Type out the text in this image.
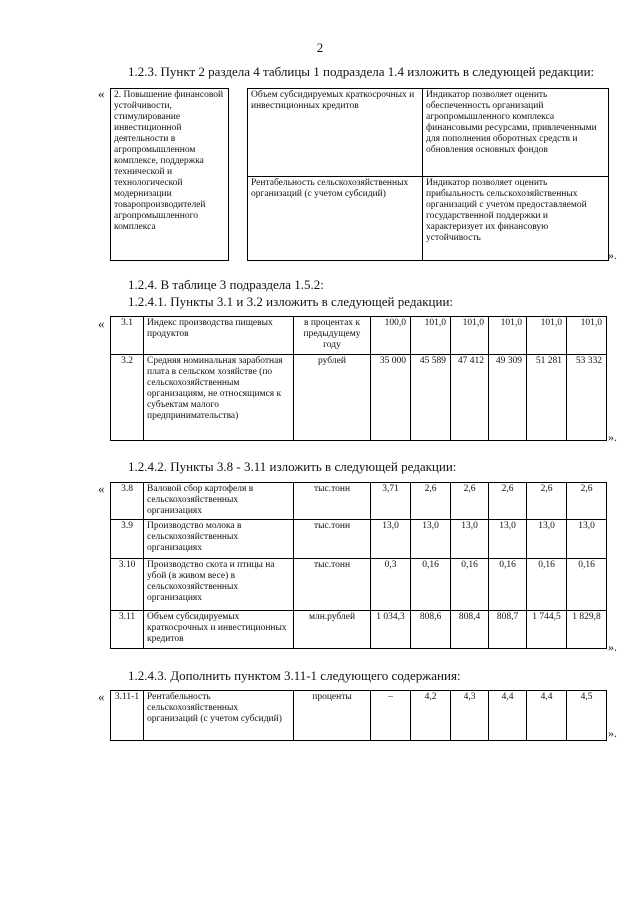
2
1.2.3. Пункт 2 раздела 4 таблицы 1 подраздела 1.4 изложить в следующей редакции:
« 2. Повышение финансовой устойчивости, стимулирование инвестиционной деятельности в агропромышленном комплексе, поддержка технической и технологической модернизации товаропроизводителей агропромышленного комплекса		Объем субсидируемых краткосрочных и инвестиционных кредитов	Индикатор позволяет оценить обеспеченность организаций агропромышленного комплекса финансовыми ресурсами, привлеченными для пополнения оборотных средств и обновления основных фондов
		Рентабельность сельскохозяйственных организаций (с учетом субсидий)	Индикатор позволяет оценить прибыльность сельскохозяйственных организаций с учетом предоставляемой государственной поддержки и характеризует их финансовую устойчивость
».
1.2.4. В таблице 3 подраздела 1.5.2:
1.2.4.1. Пункты 3.1 и 3.2 изложить в следующей редакции:
« 3.1	Индекс производства пищевых продуктов	в процентах к предыдущему году	100,0	101,0	101,0	101,0	101,0	101,0
3.2	Средняя номинальная заработная плата в сельском хозяйстве (по сельскохозяйственным организациям, не относящимся к субъектам малого предпринимательства)	рублей	35 000	45 589	47 412	49 309	51 281	53 332
».
1.2.4.2. Пункты 3.8 - 3.11 изложить в следующей редакции:
« 3.8	Валовой сбор картофеля в сельскохозяйственных организациях	тыс.тонн	3,71	2,6	2,6	2,6	2,6	2,6
3.9	Производство молока в сельскохозяйственных организациях	тыс.тонн	13,0	13,0	13,0	13,0	13,0	13,0
3.10	Производство скота и птицы на убой (в живом весе) в сельскохозяйственных организациях	тыс.тонн	0,3	0,16	0,16	0,16	0,16	0,16
3.11	Объем субсидируемых краткосрочных и инвестиционных кредитов	млн.рублей	1 034,3	808,6	808,4	808,7	1 744,5	1 829,8
».
1.2.4.3. Дополнить пунктом 3.11-1 следующего содержания:
« 3.11-1	Рентабельность сельскохозяйственных организаций (с учетом субсидий)	проценты	–	4,2	4,3	4,4	4,4	4,5
».
